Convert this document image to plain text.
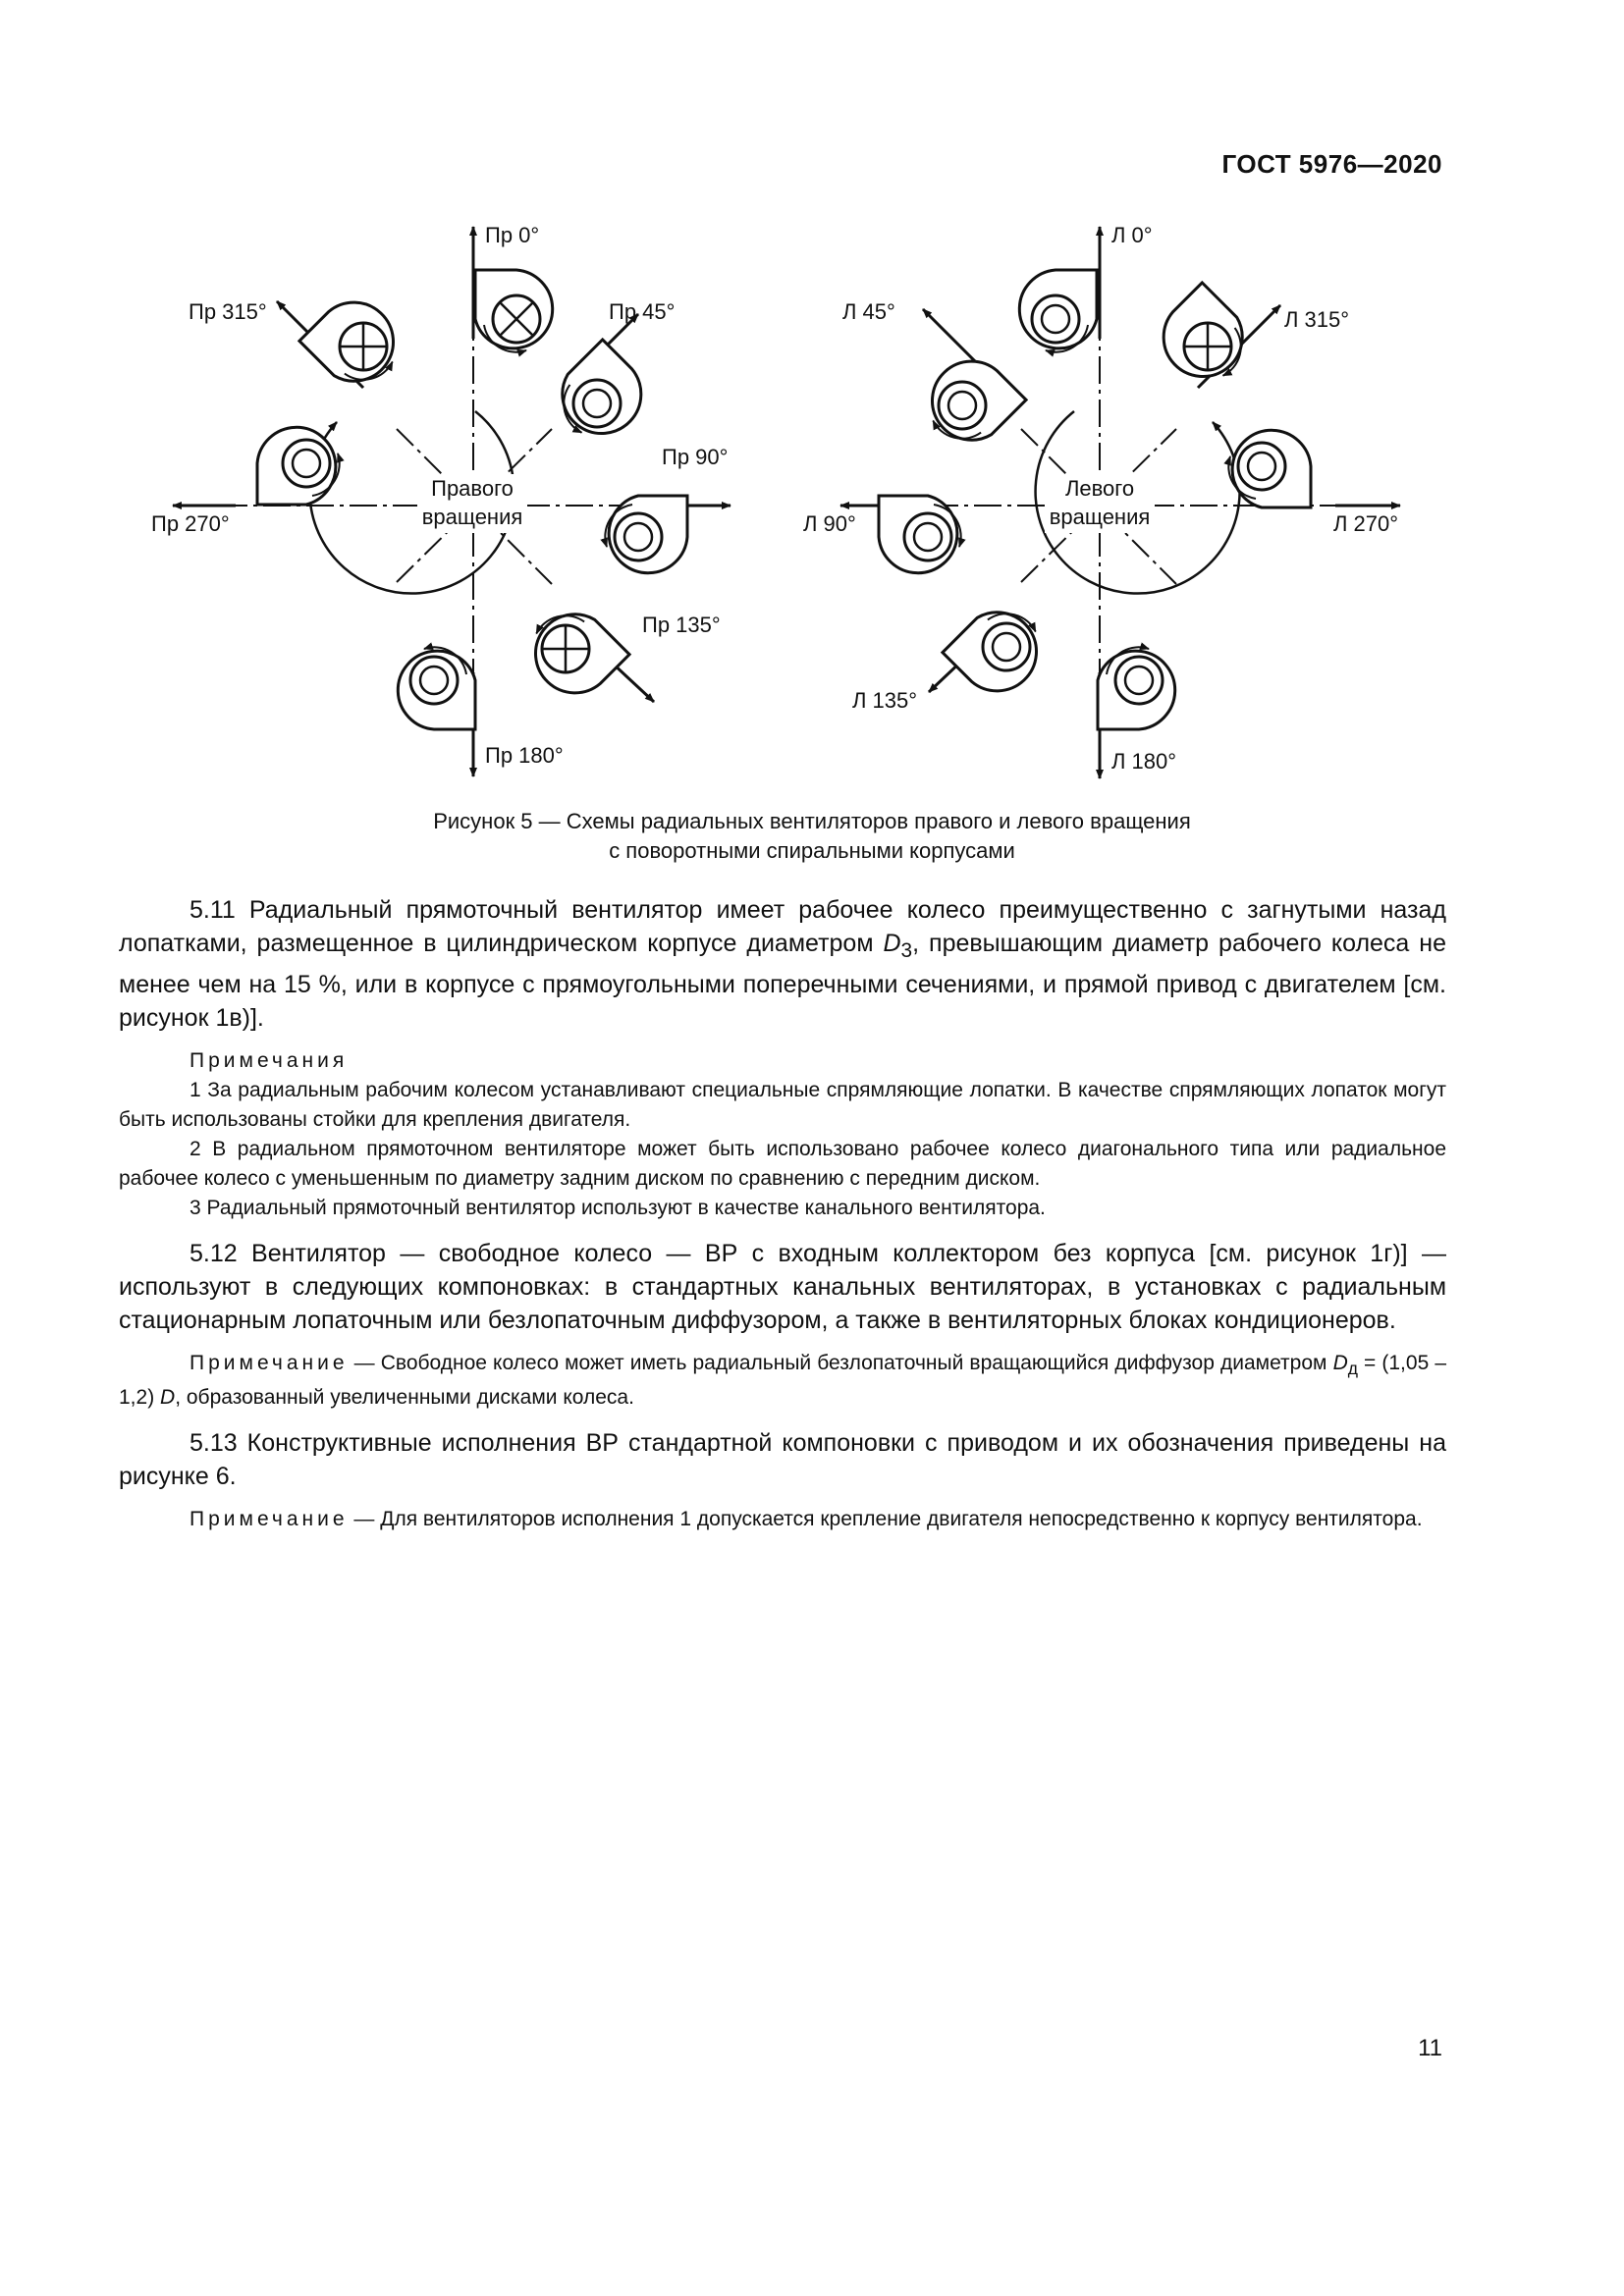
ГОСТ 5976—2020
Пр 0°
Пр 315°	Пр 45°
Пр 90°
Пр 270°
Пр 135°
Пр 180°
Правого
вращения
Л 0°
Л 45°	Л 315°
Л 90°	Л 270°
Л 135°
Л 180°
Левого
вращения
Рисунок 5 — Схемы радиальных вентиляторов правого и левого вращения
с поворотными спиральными корпусами

5.11 Радиальный прямоточный вентилятор имеет рабочее колесо преимущественно с загнутыми назад лопатками, размещенное в цилиндрическом корпусе диаметром $D_3$, превышающим диаметр рабочего колеса не менее чем на 15 %, или в корпусе с прямоугольными поперечными сечениями, и прямой привод с двигателем [см. рисунок 1в)].

Примечания

1 За радиальным рабочим колесом устанавливают специальные спрямляющие лопатки. В качестве спрямляющих лопаток могут быть использованы стойки для крепления двигателя.

2 В радиальном прямоточном вентиляторе может быть использовано рабочее колесо диагонального типа или радиальное рабочее колесо с уменьшенным по диаметру задним диском по сравнению с передним диском.

3 Радиальный прямоточный вентилятор используют в качестве канального вентилятора.

5.12 Вентилятор — свободное колесо — ВР с входным коллектором без корпуса [см. рисунок 1г)] — используют в следующих компоновках: в стандартных канальных вентиляторах, в установках с радиальным стационарным лопаточным или безлопаточным диффузором, а также в вентиляторных блоках кондиционеров.

Примечание — Свободное колесо может иметь радиальный безлопаточный вращающийся диффузор диаметром $D_д = (1,05 - 1,2)$ D, образованный увеличенными дисками колеса.

5.13 Конструктивные исполнения ВР стандартной компоновки с приводом и их обозначения приведены на рисунке 6.

Примечание — Для вентиляторов исполнения 1 допускается крепление двигателя непосредственно к корпусу вентилятора.

11
